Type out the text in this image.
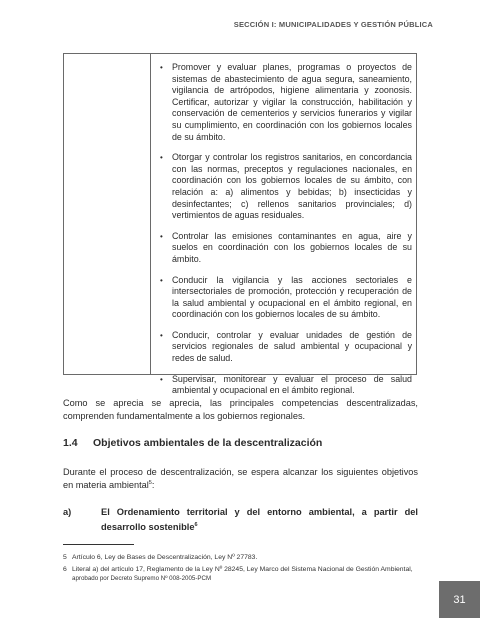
SECCIÓN I: MUNICIPALIDADES Y GESTIÓN PÚBLICA
• Promover y evaluar planes, programas o proyectos de sistemas de abastecimiento de agua segura, saneamiento, vigilancia de artrópodos, higiene alimentaria y zoonosis. Certificar, autorizar y vigilar la construcción, habilitación y conservación de cementerios y servicios funerarios y vigilar su cumplimiento, en coordinación con los gobiernos locales de su ámbito.
• Otorgar y controlar los registros sanitarios, en concordancia con las normas, preceptos y regulaciones nacionales, en coordinación con los gobiernos locales de su ámbito, con relación a: a) alimentos y bebidas; b) insecticidas y desinfectantes; c) rellenos sanitarios provinciales; d) vertimientos de aguas residuales.
• Controlar las emisiones contaminantes en agua, aire y suelos en coordinación con los gobiernos locales de su ámbito.
• Conducir la vigilancia y las acciones sectoriales e intersectoriales de promoción, protección y recuperación de la salud ambiental y ocupacional en el ámbito regional, en coordinación con los gobiernos locales de su ámbito.
• Conducir, controlar y evaluar unidades de gestión de servicios regionales de salud ambiental y ocupacional y redes de salud.
• Supervisar, monitorear y evaluar el proceso de salud ambiental y ocupacional en el ámbito regional.

Como se aprecia se aprecia, las principales competencias descentralizadas, comprenden fundamentalmente a los gobiernos regionales.

1.4 Objetivos ambientales de la descentralización

Durante el proceso de descentralización, se espera alcanzar los siguientes objetivos en materia ambiental$^5$:

a)	El Ordenamiento territorial y del entorno ambiental, a partir del desarrollo sostenible$^6$
5 Artículo 6, Ley de Bases de Descentralización, Ley Nº 27783.
6 Literal a) del artículo 17, Reglamento de la Ley Nº 28245, Ley Marco del Sistema Nacional de Gestión Ambiental, aprobado por Decreto Supremo Nº 008-2005-PCM
31
